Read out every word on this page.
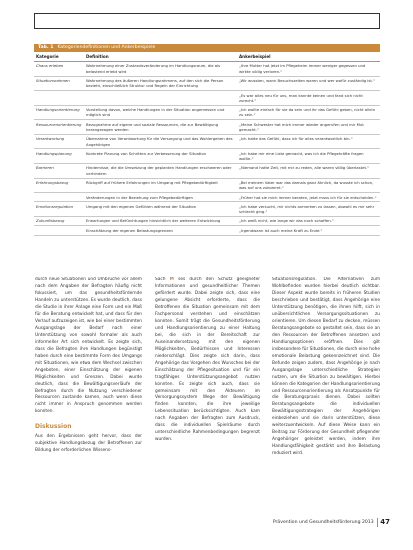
Tab. 1 Kategoriendefinitionen und Ankerbeispiele
Kategorie	Definition	Ankerbeispiel
Chaos erleben	Wahrnehmung einer Zustandsveränderung im Handlungsraum, die als belastend erlebt wird	„Ihre Mutter hat jetzt im Pflegeheim immer weniger gegessen und wirkte völlig verloren.“
Situationsrahmen	Wahrnehmung des äußeren Handlungsrahmens, auf den sich die Person bezieht, einschließlich Struktur und Regeln der Einrichtung	„Wir wussten, wann Besuchszeiten waren und wer wofür zuständig ist.“
		„Es war alles neu für uns, man kannte keinen und fand sich nicht zurecht.“
Handlungsorientierung	Vorstellung davon, welche Handlungen in der Situation angemessen und möglich sind	„Ich wollte einfach für sie da sein und ihr das Gefühl geben, nicht allein zu sein.“
Ressourcenorientierung	Bezugnahme auf eigene und soziale Ressourcen, die zur Bewältigung herangezogen werden	„Meine Schwester hat mich immer wieder angerufen und mir Mut gemacht.“
Verantwortung	Übernahme von Verantwortung für die Versorgung und das Wohlergehen des Angehörigen	„Ich hatte das Gefühl, dass ich für alles verantwortlich bin.“
Handlungsplanung	Konkrete Planung von Schritten zur Verbesserung der Situation	„Ich habe mir eine Liste gemacht, was ich die Pflegekräfte fragen wollte.“
Barrieren	Hindernisse, die die Umsetzung der geplanten Handlungen erschweren oder verhindern	„Niemand hatte Zeit, mit mir zu reden, alle waren völlig überlastet.“
Erfahrungsbezug	Rückgriff auf frühere Erfahrungen im Umgang mit Pflegebedürftigkeit	„Bei meinem Vater war das damals ganz ähnlich, da wusste ich schon, was auf uns zukommt.“
	Veränderungen in der Beziehung zum Pflegebedürftigen	„Früher hat sie mich immer beraten, jetzt muss ich für sie entscheiden.“
Emotionsregulation	Umgang mit den eigenen Gefühlen während der Situation	„Ich habe versucht, mir nichts anmerken zu lassen, obwohl es mir sehr schlecht ging.“
Zukunftsbezug	Erwartungen und Befürchtungen hinsichtlich der weiteren Entwicklung	„Ich weiß nicht, wie lange wir das noch schaffen.“
	Einschätzung der eigenen Belastungsgrenzen	„Irgendwann ist auch meine Kraft zu Ende.“

durch neue Situationen und Umbrüche vor allem nach dem Angaben der Befragten häufig nicht fokussiert, um das gesundheitsfördernde Handeln zu unterstützen. Es wurde deutlich, dass die Studie in ihrer Anlage eine Form und ein Maß für die Beratung entwickelt hat, und dass für den Verlauf aufzuzeigen ist, wie bei einer bestimmten Ausgangslage der Bedarf nach einer Unterstützung von sowohl formaler als auch informeller Art sich entwickelt. Es zeigte sich, dass die Befragten ihre Handlungen begünstigt haben durch eine bestimmte Form des Umgangs mit Situationen, wie etwa dem Wechsel zwischen Angeboten, einer Einschätzung der eigenen Möglichkeiten und Grenzen. Dabei wurde deutlich, dass die Bewältigungsverläufe der Befragten durch die Nutzung verschiedener Ressourcen zustande kamen, auch wenn diese nicht immer in Anspruch genommen werden konnten.

Diskussion

Aus den Ergebnissen geht hervor, dass der subjektive Handlungsbezug der Betroffenen zur Bildung der erforderlichen Wissens-

Sach M ses durch den Schutz geeigneter Informationen und gesundheitlicher Themen gefördert wurde. Dabei zeigte sich, dass eine gelungene Absicht erforderte, dass die Betroffenen die Situation gemeinsam mit dem Fachpersonal verstehen und einschätzen konnten. Somit trägt die Gesundheitsförderung und Handlungsorientierung zu einer Haltung bei, die sich in der Bereitschaft zur Auseinandersetzung mit den eigenen Möglichkeiten, Bedürfnissen und Interessen niederschlägt. Dies zeigte sich darin, dass Angehörige das Vorgehen des Wunsches bei der Einschätzung der Pflegesituation und für ein tragfähiges Unterstützungsangebot nutzen konnten. Es zeigte sich auch, dass sie gemeinsam mit den Akteuren im Versorgungssystem Wege der Bewältigung finden konnten, die ihre jeweilige Lebenssituation berücksichtigten. Auch kam nach Angaben der Befragten zum Ausdruck, dass die individuellen Spielräume durch unterschiedliche Rahmenbedingungen begrenzt wurden.

Situationsregulation. Die Alternativen zum Wohlbefinden wurden hierbei deutlich sichtbar. Dieser Aspekt wurde bereits in früheren Studien beschrieben und bestätigt, dass Angehörige eine Unterstützung benötigen, die ihnen hilft, sich in unübersichtlichen Versorgungssituationen zu orientieren. Um diesen Bedarf zu decken, müssen Beratungsangebote so gestaltet sein, dass sie an den Ressourcen der Betroffenen ansetzen und Handlungsoptionen eröffnen. Dies gilt insbesondere für Situationen, die durch eine hohe emotionale Belastung gekennzeichnet sind. Die Befunde zeigen zudem, dass Angehörige je nach Ausgangslage unterschiedliche Strategien nutzen, um die Situation zu bewältigen. Hierbei können die Kategorien der Handlungsorientierung und Ressourcenorientierung als Ansatzpunkte für die Beratungspraxis dienen. Dabei sollten Beratungsangebote die individuellen Bewältigungsstrategien der Angehörigen einbeziehen und sie darin unterstützen, diese weiterzuentwickeln. Auf diese Weise kann ein Beitrag zur Förderung der Gesundheit pflegender Angehöriger geleistet werden, indem ihre Handlungsfähigkeit gestärkt und ihre Belastung reduziert wird.

Prävention und Gesundheitsförderung
2013 47
